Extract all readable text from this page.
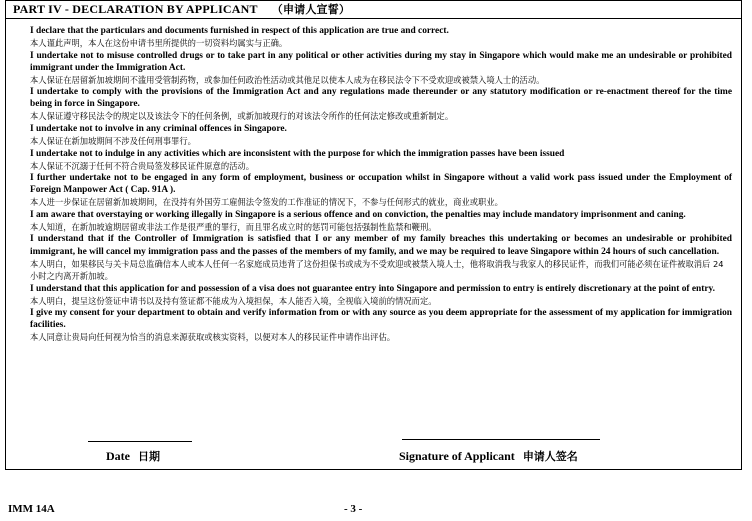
PART IV - DECLARATION BY APPLICANT （申请人宣誓）

I declare that the particulars and documents furnished in respect of this application are true and correct.

本人谨此声明，本人在这份申请书里所提供的一切资料均属实与正确。

I undertake not to misuse controlled drugs or to take part in any political or other activities during my stay in Singapore which would make me an undesirable or prohibited immigrant under the Immigration Act.

本人保证在居留新加坡期间不滥用受管制药物，或参加任何政治性活动或其他足以使本人成为在移民法令下不受欢迎或被禁入境人士的活动。

I undertake to comply with the provisions of the Immigration Act and any regulations made thereunder or any statutory modification or re-enactment thereof for the time being in force in Singapore.

本人保证遵守移民法令的规定以及该法令下的任何条例，或新加坡现行的对该法令所作的任何法定修改或重新制定。

I undertake not to involve in any criminal offences in Singapore.

本人保证在新加坡期间不涉及任何刑事罪行。

I undertake not to indulge in any activities which are inconsistent with the purpose for which the immigration passes have been issued

本人保证不沉溺于任何不符合贵局签发移民证件原意的活动。

I further undertake not to be engaged in any form of employment, business or occupation whilst in Singapore without a valid work pass issued under the Employment of Foreign Manpower Act ( Cap. 91A ).

本人进一步保证在居留新加坡期间，在没持有外国劳工雇佣法令签发的工作准证的情况下，不参与任何形式的就业，商业或职业。

I am aware that overstaying or working illegally in Singapore is a serious offence and on conviction, the penalties may include mandatory imprisonment and caning.

本人知道，在新加坡逾期居留或非法工作是很严重的罪行，而且罪名成立时的惩罚可能包括强制性监禁和鞭刑。

I understand that if the Controller of Immigration is satisfied that I or any member of my family breaches this undertaking or becomes an undesirable or prohibited immigrant, he will cancel my immigration pass and the passes of the members of my family, and we may be required to leave Singapore within 24 hours of such cancellation.

本人明白，如果移民与关卡局总监确信本人或本人任何一名家庭成员违背了这份担保书或成为不受欢迎或被禁入境人士，他将取消我与我家人的移民证件，而我们可能必须在证件被取消后 24 小时之内离开新加坡。

I understand that this application for and possession of a visa does not guarantee entry into Singapore and permission to entry is entirely discretionary at the point of entry.

本人明白，提呈这份签证申请书以及持有签证都不能成为入境担保，本人能否入境，全视临入境前的情况而定。

I give my consent for your department to obtain and verify information from or with any source as you deem appropriate for the assessment of my application for immigration facilities.

本人同意让贵局向任何视为恰当的消息来源获取或核实资料，以便对本人的移民证件申请作出评估。

Date 日期	Signature of Applicant 申请人签名
IMM 14A	- 3 -
